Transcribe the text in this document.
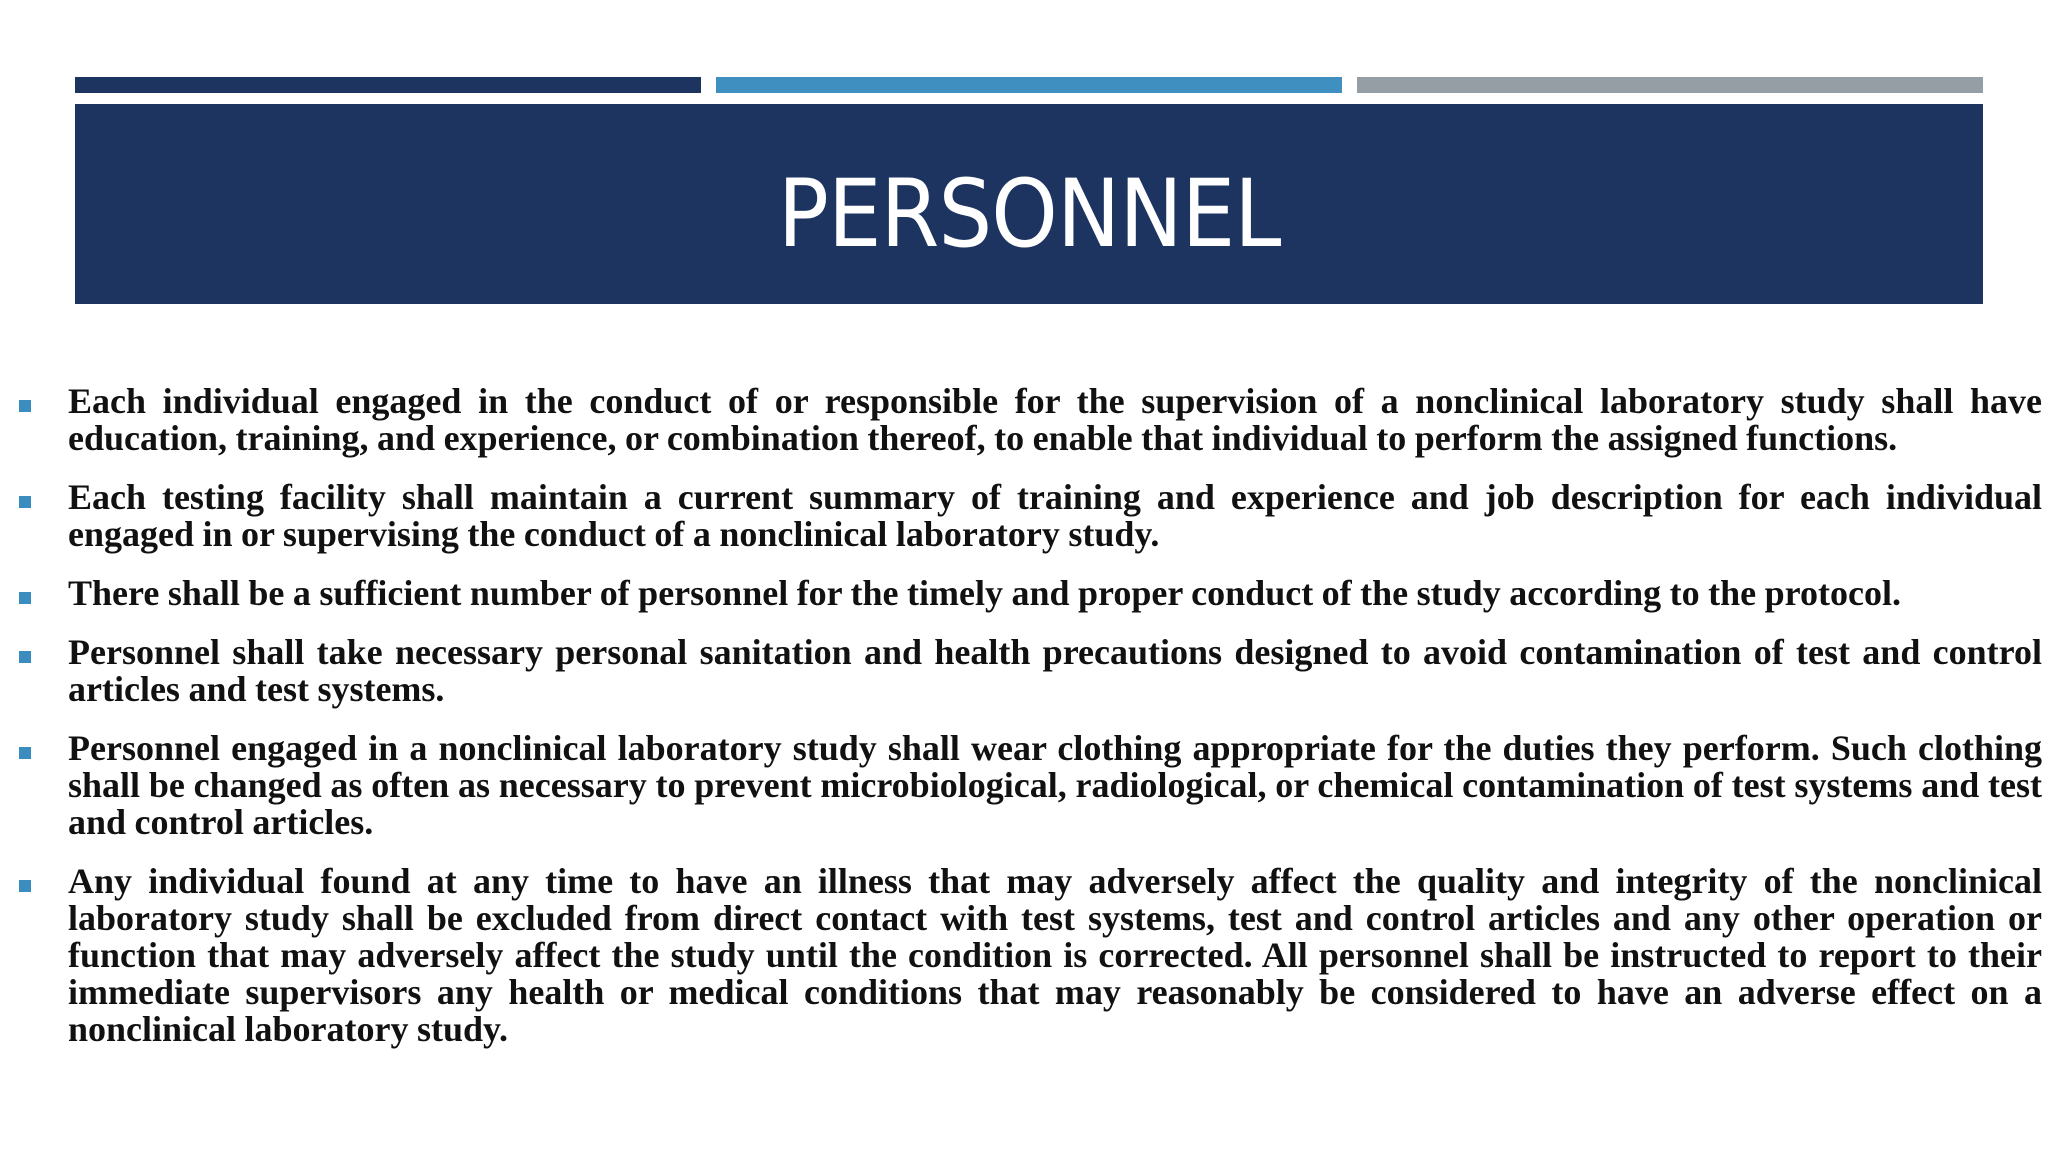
PERSONNEL
Each individual engaged in the conduct of or responsible for the supervision of a nonclinical laboratory study shall have education, training, and experience, or combination thereof, to enable that individual to perform the assigned functions.
Each testing facility shall maintain a current summary of training and experience and job description for each individual engaged in or supervising the conduct of a nonclinical laboratory study.
There shall be a sufficient number of personnel for the timely and proper conduct of the study according to the protocol.
Personnel shall take necessary personal sanitation and health precautions designed to avoid contamination of test and control articles and test systems.
Personnel engaged in a nonclinical laboratory study shall wear clothing appropriate for the duties they perform. Such clothing shall be changed as often as necessary to prevent microbiological, radiological, or chemical contamination of test systems and test and control articles.
Any individual found at any time to have an illness that may adversely affect the quality and integrity of the nonclinical laboratory study shall be excluded from direct contact with test systems, test and control articles and any other operation or function that may adversely affect the study until the condition is corrected. All personnel shall be instructed to report to their immediate supervisors any health or medical conditions that may reasonably be considered to have an adverse effect on a nonclinical laboratory study.
